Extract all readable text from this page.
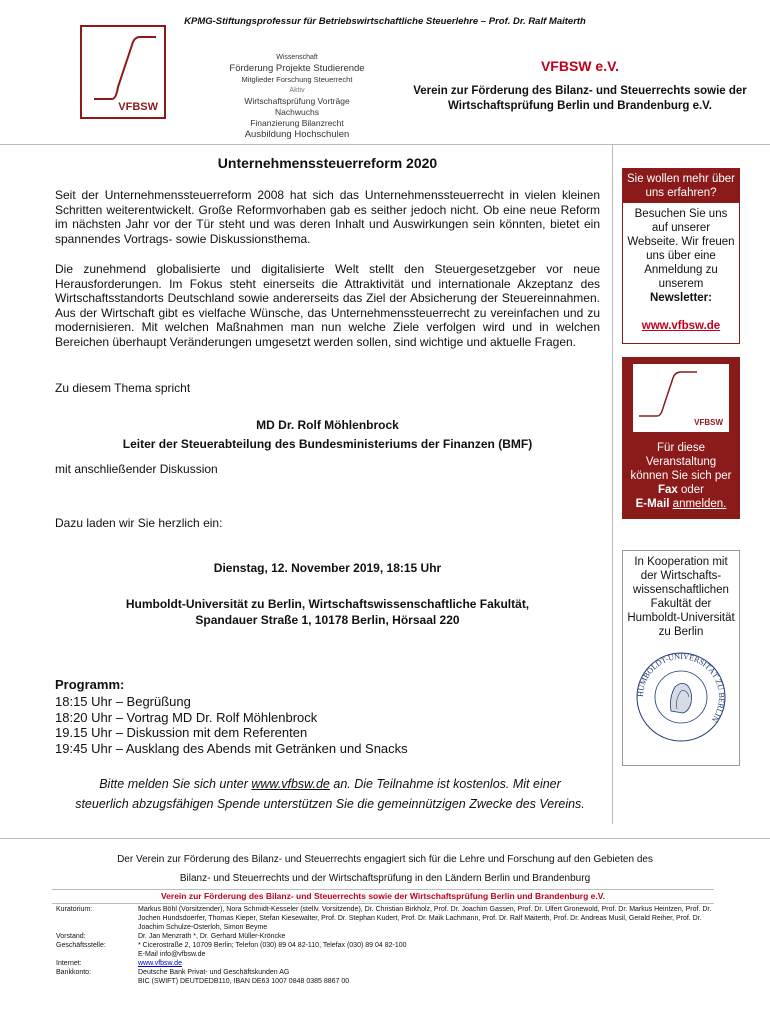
KPMG-Stiftungsprofessur für Betriebswirtschaftliche Steuerlehre – Prof. Dr. Ralf Maiterth
VFBSW
Wissenschaft
Förderung Projekte Studierende
Mitglieder Forschung Steuerrecht
Aktiv
Wirtschaftsprüfung Vorträge Nachwuchs
Finanzierung Bilanzrecht
Ausbildung Hochschulen
VFBSW e.V.
Verein zur Förderung des Bilanz- und Steuerrechts sowie der
Wirtschaftsprüfung Berlin und Brandenburg e.V.
Unternehmenssteuerreform 2020
Seit der Unternehmenssteuerreform 2008 hat sich das Unternehmenssteuerrecht in vielen kleinen Schritten weiterentwickelt. Große Reformvorhaben gab es seither jedoch nicht. Ob eine neue Reform im nächsten Jahr vor der Tür steht und was deren Inhalt und Auswirkungen sein könnten, bietet ein spannendes Vortrags- sowie Diskussionsthema.
Die zunehmend globalisierte und digitalisierte Welt stellt den Steuergesetzgeber vor neue Herausforderungen. Im Fokus steht einerseits die Attraktivität und internationale Akzeptanz des Wirtschaftsstandorts Deutschland sowie andererseits das Ziel der Absicherung der Steuereinnahmen. Aus der Wirtschaft gibt es vielfache Wünsche, das Unternehmenssteuerrecht zu vereinfachen und zu modernisieren. Mit welchen Maßnahmen man nun welche Ziele verfolgen wird und in welchen Bereichen überhaupt Veränderungen umgesetzt werden sollen, sind wichtige und aktuelle Fragen.
Zu diesem Thema spricht
MD Dr. Rolf Möhlenbrock
Leiter der Steuerabteilung des Bundesministeriums der Finanzen (BMF)
mit anschließender Diskussion
Dazu laden wir Sie herzlich ein:
Dienstag, 12. November 2019, 18:15 Uhr
Humboldt-Universität zu Berlin, Wirtschaftswissenschaftliche Fakultät,
Spandauer Straße 1, 10178 Berlin, Hörsaal 220
Programm:
18:15 Uhr – Begrüßung
18:20 Uhr – Vortrag MD Dr. Rolf Möhlenbrock
19.15 Uhr – Diskussion mit dem Referenten
19:45 Uhr – Ausklang des Abends mit Getränken und Snacks
Bitte melden Sie sich unter www.vfbsw.de an. Die Teilnahme ist kostenlos. Mit einer
steuerlich abzugsfähigen Spende unterstützen Sie die gemeinnützigen Zwecke des Vereins.
Sie wollen mehr über uns erfahren?
Besuchen Sie uns auf unserer Webseite. Wir freuen uns über eine Anmeldung zu unserem
Newsletter:
www.vfbsw.de
VFBSW
Für diese Veranstaltung können Sie sich per Fax oder
E-Mail anmelden.
In Kooperation mit der Wirtschafts-wissenschaftlichen Fakultät der Humboldt-Universität zu Berlin
HUMBOLDT-UNIVERSITÄT ZU BERLIN
Der Verein zur Förderung des Bilanz- und Steuerrechts engagiert sich für die Lehre und Forschung auf den Gebieten des
Bilanz- und Steuerrechts und der Wirtschaftsprüfung in den Ländern Berlin und Brandenburg
Verein zur Förderung des Bilanz- und Steuerrechts sowie der Wirtschaftsprüfung Berlin und Brandenburg e.V.
Kuratorium:	Markus Böhl (Vorsitzender), Nora Schmidt-Kesseler (stellv. Vorsitzende), Dr. Christian Birkholz, Prof. Dr. Joachim Gassen, Prof. Dr. Ulfert Gronewold, Prof. Dr. Markus Heintzen, Prof. Dr. Jochen Hundsdoerfer, Thomas Kieper, Stefan Kiesewalter, Prof. Dr. Stephan Kudert, Prof. Dr. Maik Lachmann, Prof. Dr. Ralf Maiterth, Prof. Dr. Andreas Musil, Gerald Reiher, Prof. Dr. Joachim Schulze-Osterloh, Simon Beyme
Vorstand:	Dr. Jan Menzrath *, Dr. Gerhard Müller-Kröncke
Geschäftsstelle:	* Cicerostraße 2, 10709 Berlin; Telefon (030) 89 04 82-110, Telefax (030) 89 04 82-100
E-Mail info@vfbsw.de
Internet:	www.vfbsw.de
Bankkonto:	Deutsche Bank Privat- und Geschäftskunden AG
BIC (SWIFT) DEUTDEDB110, IBAN DE63 1007 0848 0385 8867 00
